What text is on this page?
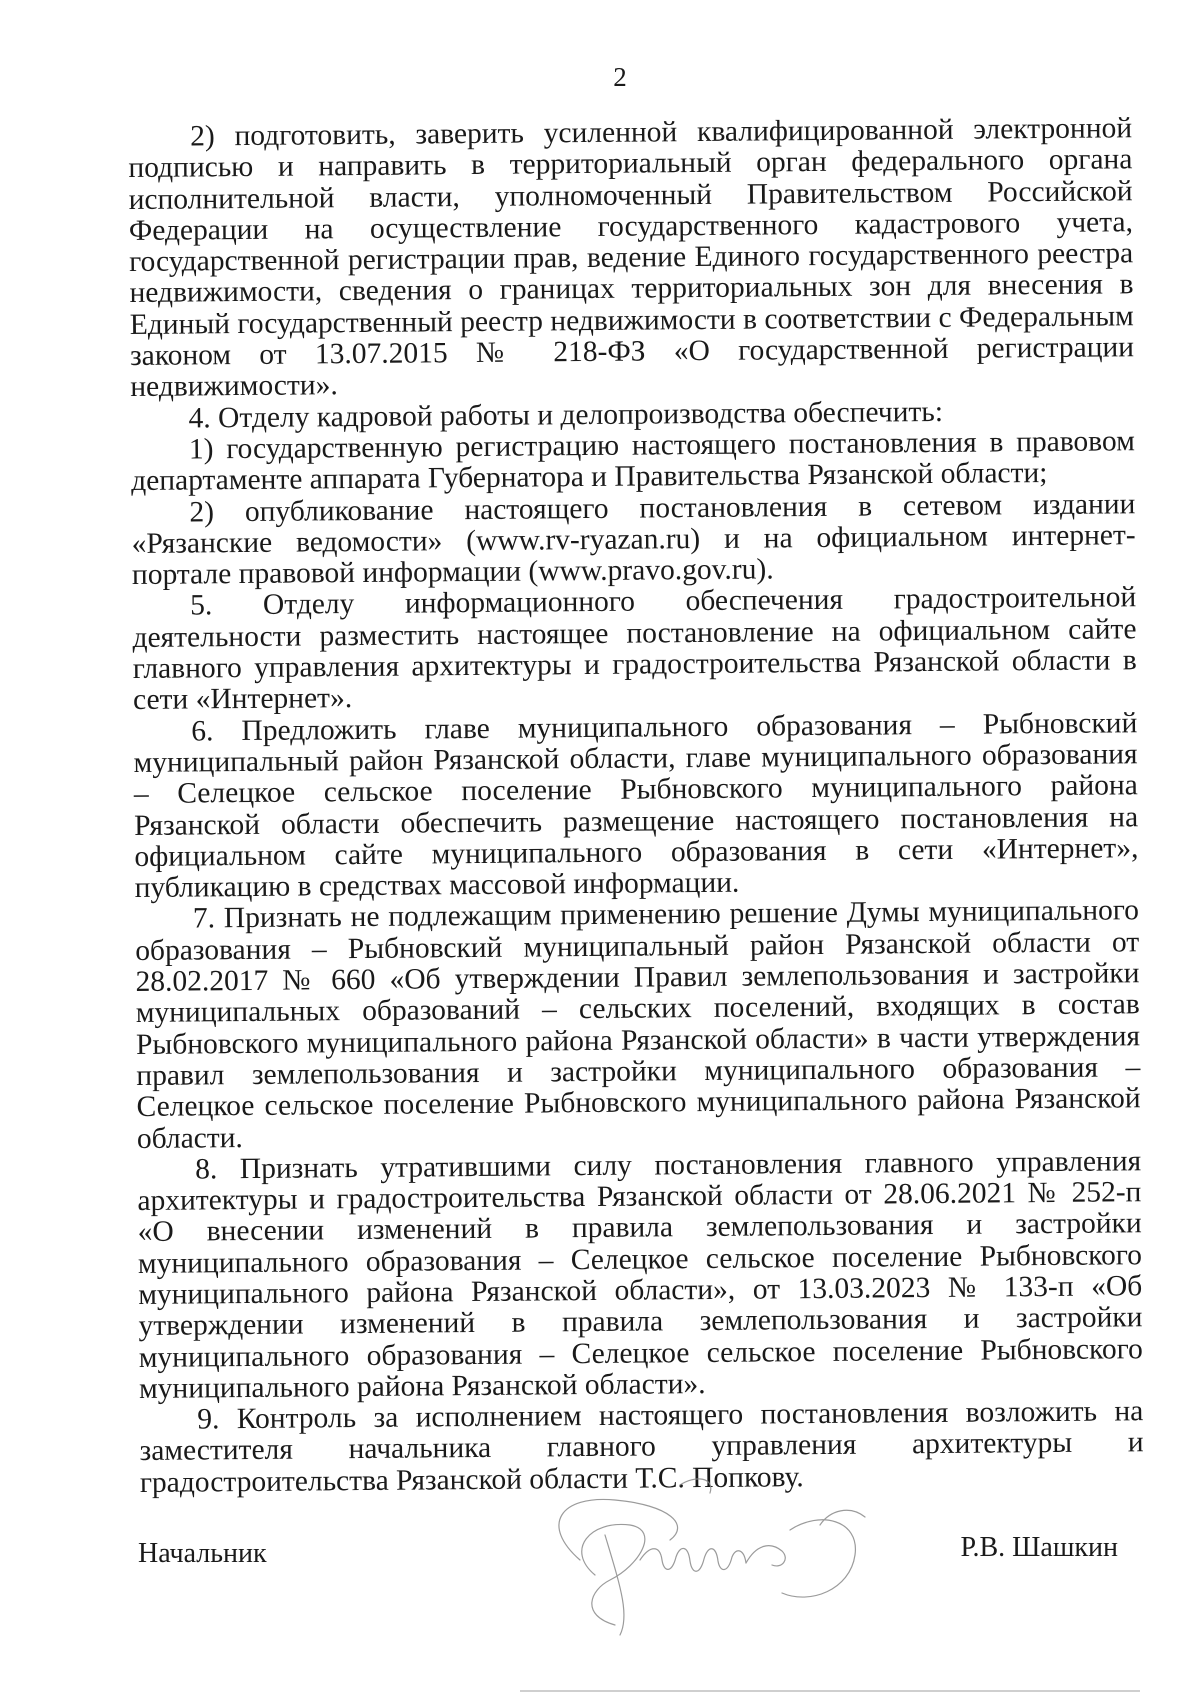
2

2) подготовить, заверить усиленной квалифицированной электронной подписью и направить в территориальный орган федерального органа исполнительной власти, уполномоченный Правительством Российской Федерации на осуществление государственного кадастрового учета, государственной регистрации прав, ведение Единого государственного реестра недвижимости, сведения о границах территориальных зон для внесения в Единый государственный реестр недвижимости в соответствии с Федеральным законом от 13.07.2015 № 218-ФЗ «О государственной регистрации недвижимости».

4. Отделу кадровой работы и делопроизводства обеспечить:

1) государственную регистрацию настоящего постановления в правовом департаменте аппарата Губернатора и Правительства Рязанской области;

2) опубликование настоящего постановления в сетевом издании «Рязанские ведомости» (www.rv-ryazan.ru) и на официальном интернет-портале правовой информации (www.pravo.gov.ru).

5. Отделу информационного обеспечения градостроительной деятельности разместить настоящее постановление на официальном сайте главного управления архитектуры и градостроительства Рязанской области в сети «Интернет».

6. Предложить главе муниципального образования – Рыбновский муниципальный район Рязанской области, главе муниципального образования – Селецкое сельское поселение Рыбновского муниципального района Рязанской области обеспечить размещение настоящего постановления на официальном сайте муниципального образования в сети «Интернет», публикацию в средствах массовой информации.

7. Признать не подлежащим применению решение Думы муниципального образования – Рыбновский муниципальный район Рязанской области от 28.02.2017 № 660 «Об утверждении Правил землепользования и застройки муниципальных образований – сельских поселений, входящих в состав Рыбновского муниципального района Рязанской области» в части утверждения правил землепользования и застройки муниципального образования – Селецкое сельское поселение Рыбновского муниципального района Рязанской области.

8. Признать утратившими силу постановления главного управления архитектуры и градостроительства Рязанской области от 28.06.2021 № 252-п «О внесении изменений в правила землепользования и застройки муниципального образования – Селецкое сельское поселение Рыбновского муниципального района Рязанской области», от 13.03.2023 № 133-п «Об утверждении изменений в правила землепользования и застройки муниципального образования – Селецкое сельское поселение Рыбновского муниципального района Рязанской области».

9. Контроль за исполнением настоящего постановления возложить на заместителя начальника главного управления архитектуры и градостроительства Рязанской области Т.С. Попкову.

Начальник	Р.В. Шашкин
